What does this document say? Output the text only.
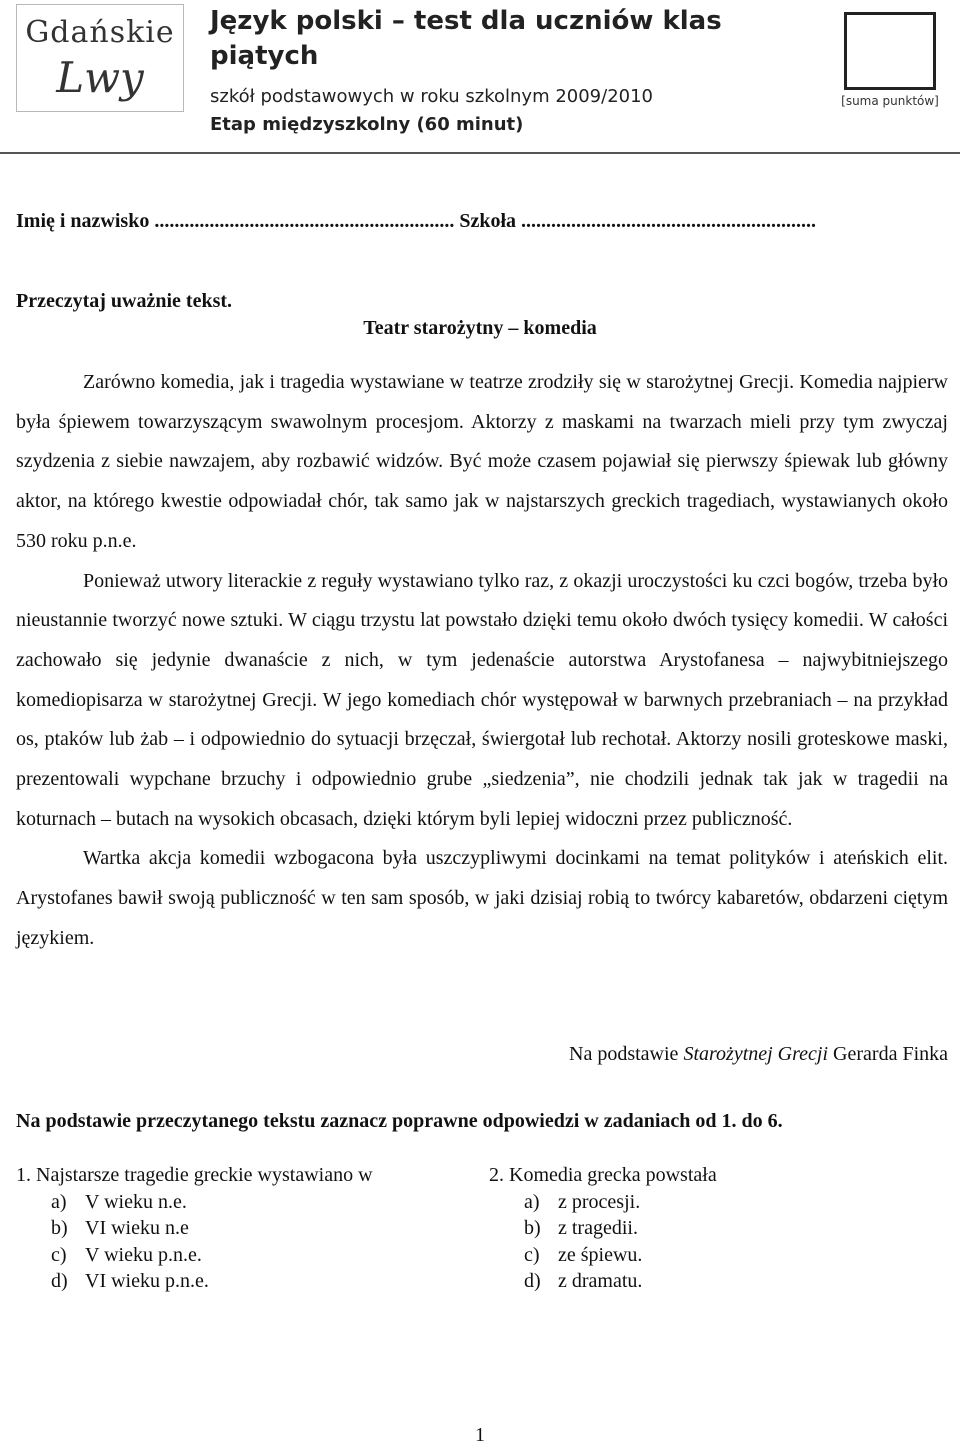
Gdańskie
Lwy
Język polski – test dla uczniów klas piątych
szkół podstawowych w roku szkolnym 2009/2010
Etap międzyszkolny (60 minut)
[suma punktów]
Imię i nazwisko ............................................................ Szkoła ...........................................................
Przeczytaj uważnie tekst.
Teatr starożytny – komedia

Zarówno komedia, jak i tragedia wystawiane w teatrze zrodziły się w starożytnej Grecji. Komedia najpierw była śpiewem towarzyszącym swawolnym procesjom. Aktorzy z maskami na twarzach mieli przy tym zwyczaj szydzenia z siebie nawzajem, aby rozbawić widzów. Być może czasem pojawiał się pierwszy śpiewak lub główny aktor, na którego kwestie odpowiadał chór, tak samo jak w najstarszych greckich tragediach, wystawianych około 530 roku p.n.e.

Ponieważ utwory literackie z reguły wystawiano tylko raz, z okazji uroczystości ku czci bogów, trzeba było nieustannie tworzyć nowe sztuki. W ciągu trzystu lat powstało dzięki temu około dwóch tysięcy komedii. W całości zachowało się jedynie dwanaście z nich, w tym jedenaście autorstwa Arystofanesa – najwybitniejszego komediopisarza w starożytnej Grecji. W jego komediach chór występował w barwnych przebraniach – na przykład os, ptaków lub żab – i odpowiednio do sytuacji brzęczał, świergotał lub rechotał. Aktorzy nosili groteskowe maski, prezentowali wypchane brzuchy i odpowiednio grube „siedzenia”, nie chodzili jednak tak jak w tragedii na koturnach – butach na wysokich obcasach, dzięki którym byli lepiej widoczni przez publiczność.

Wartka akcja komedii wzbogacona była uszczypliwymi docinkami na temat polityków i ateńskich elit. Arystofanes bawił swoją publiczność w ten sam sposób, w jaki dzisiaj robią to twórcy kabaretów, obdarzeni ciętym językiem.

Na podstawie Starożytnej Grecji Gerarda Finka
Na podstawie przeczytanego tekstu zaznacz poprawne odpowiedzi w zadaniach od 1. do 6.
1. Najstarsze tragedie greckie wystawiano w
a) V wieku n.e.
b) VI wieku n.e
c) V wieku p.n.e.
d) VI wieku p.n.e.
2. Komedia grecka powstała
a) z procesji.
b) z tragedii.
c) ze śpiewu.
d) z dramatu.
1
